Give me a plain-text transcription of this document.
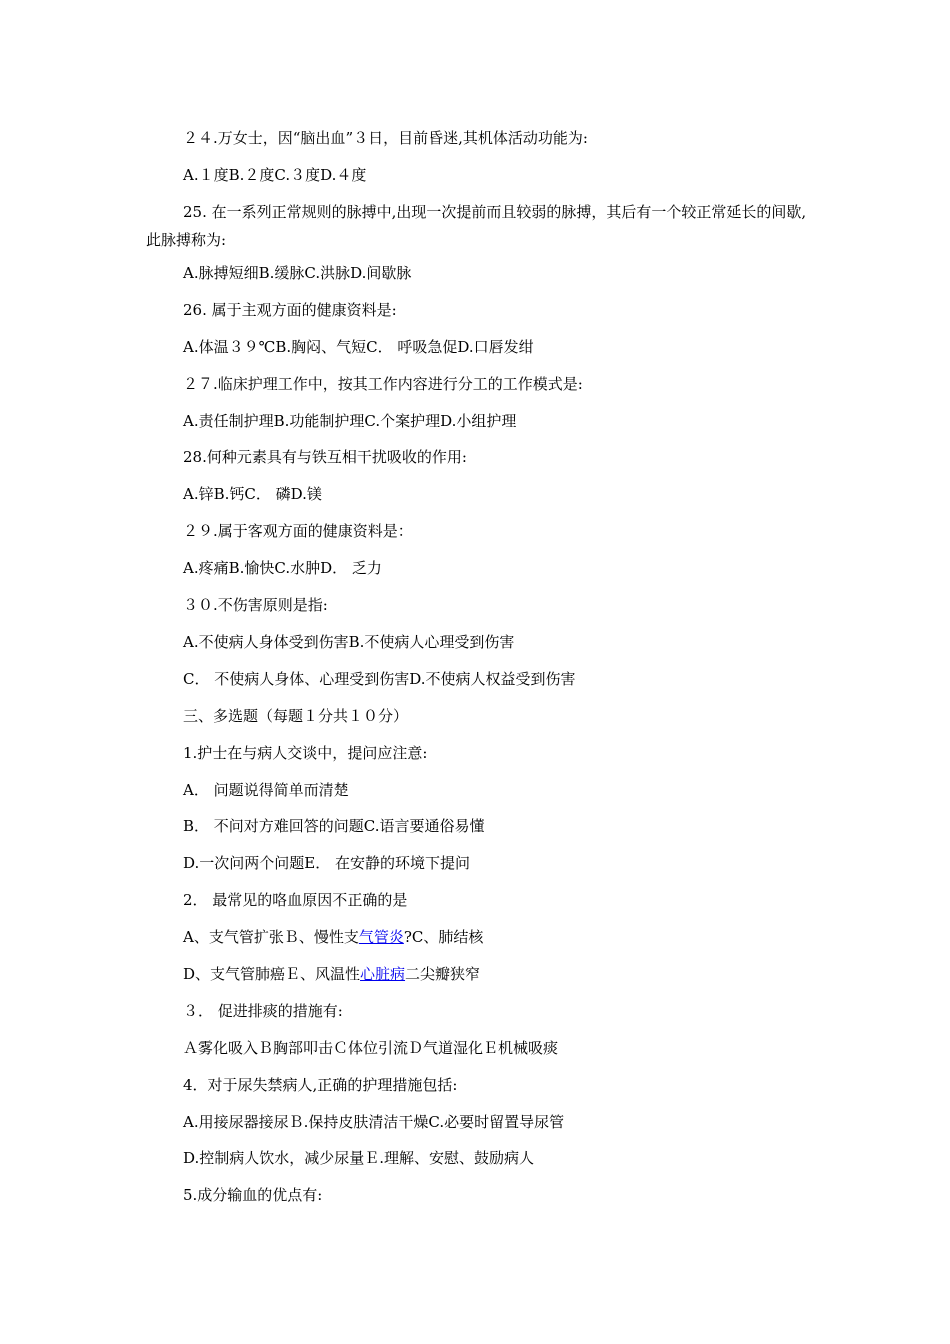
２４.万女士，因“脑出血”３日，目前昏迷,其机体活动功能为:
A.１度B.２度C.３度D.４度
25. 在一系列正常规则的脉搏中,出现一次提前而且较弱的脉搏，其后有一个较正常延长的间歇,此脉搏称为:
A.脉搏短细B.缓脉C.洪脉D.间歇脉
26. 属于主观方面的健康资料是:
A.体温３９℃B.胸闷、气短C． 呼吸急促D.口唇发绀
２７.临床护理工作中，按其工作内容进行分工的工作模式是:
A.责任制护理B.功能制护理C.个案护理D.小组护理
28.何种元素具有与铁互相干扰吸收的作用:
A.锌B.钙C． 磷D.镁
２９.属于客观方面的健康资料是：
A.疼痛B.愉快C.水肿D． 乏力
３０.不伤害原则是指:
A.不使病人身体受到伤害B.不使病人心理受到伤害
C． 不使病人身体、心理受到伤害D.不使病人权益受到伤害
三、多选题（每题１分共１０分）
1.护士在与病人交谈中，提问应注意:
A． 问题说得简单而清楚
B． 不问对方难回答的问题C.语言要通俗易懂
D.一次问两个问题E． 在安静的环境下提问
2． 最常见的咯血原因不正确的是
A、支气管扩张Ｂ、慢性支气管炎?C、肺结核
D、支气管肺癌Ｅ、风温性心脏病二尖瓣狭窄
３． 促进排痰的措施有:
Ａ雾化吸入Ｂ胸部叩击Ｃ体位引流Ｄ气道湿化Ｅ机械吸痰
4．对于尿失禁病人,正确的护理措施包括:
A.用接尿器接尿Ｂ.保持皮肤清洁干燥C.必要时留置导尿管
D.控制病人饮水，减少尿量Ｅ.理解、安慰、鼓励病人
5.成分输血的优点有:
